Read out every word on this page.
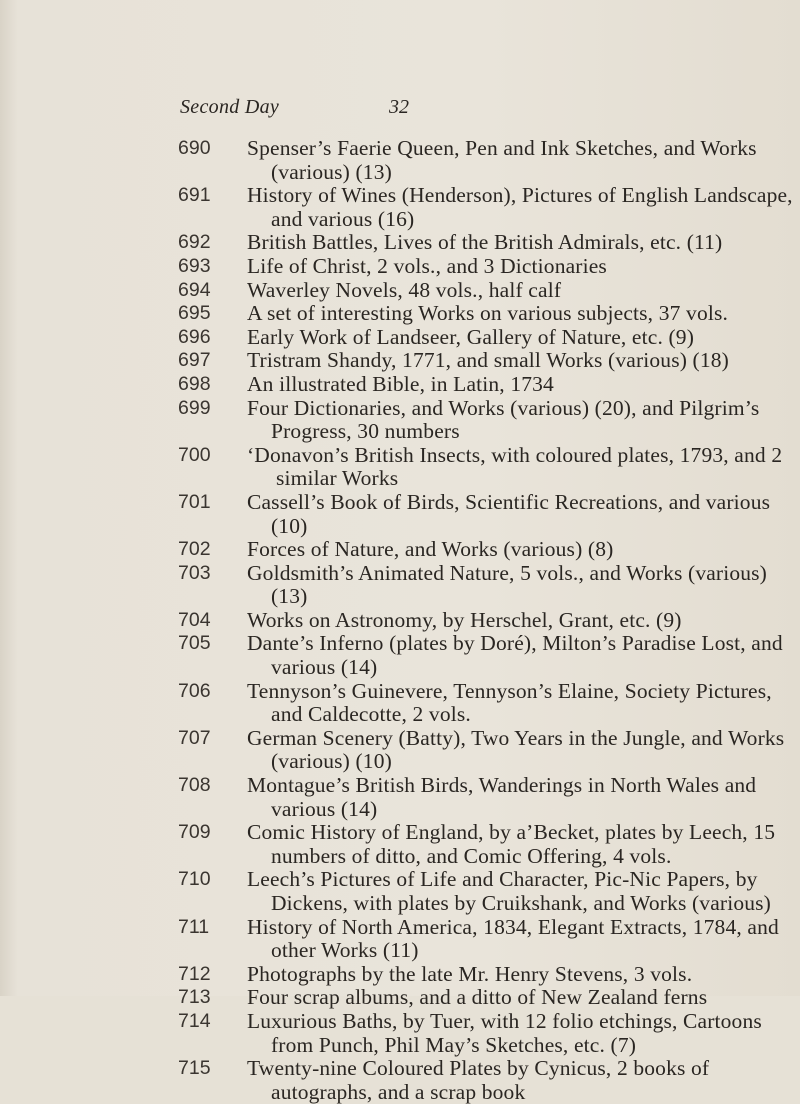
Second Day	32
690	Spenser’s Faerie Queen, Pen and Ink Sketches, and Works (various) (13)
691	History of Wines (Henderson), Pictures of English Landscape, and various (16)
692	British Battles, Lives of the British Admirals, etc. (11)
693	Life of Christ, 2 vols., and 3 Dictionaries
694	Waverley Novels, 48 vols., half calf
695	A set of interesting Works on various subjects, 37 vols.
696	Early Work of Landseer, Gallery of Nature, etc. (9)
697	Tristram Shandy, 1771, and small Works (various) (18)
698	An illustrated Bible, in Latin, 1734
699	Four Dictionaries, and Works (various) (20), and Pilgrim’s Progress, 30 numbers
700	‘Donavon’s British Insects, with coloured plates, 1793, and 2 similar Works
701	Cassell’s Book of Birds, Scientific Recreations, and various (10)
702	Forces of Nature, and Works (various) (8)
703	Goldsmith’s Animated Nature, 5 vols., and Works (various) (13)
704	Works on Astronomy, by Herschel, Grant, etc. (9)
705	Dante’s Inferno (plates by Doré), Milton’s Paradise Lost, and various (14)
706	Tennyson’s Guinevere, Tennyson’s Elaine, Society Pictures, and Caldecotte, 2 vols.
707	German Scenery (Batty), Two Years in the Jungle, and Works (various) (10)
708	Montague’s British Birds, Wanderings in North Wales and various (14)
709	Comic History of England, by a’Becket, plates by Leech, 15 numbers of ditto, and Comic Offering, 4 vols.
710	Leech’s Pictures of Life and Character, Pic-Nic Papers, by Dickens, with plates by Cruikshank, and Works (various)
711	History of North America, 1834, Elegant Extracts, 1784, and other Works (11)
712	Photographs by the late Mr. Henry Stevens, 3 vols.
713	Four scrap albums, and a ditto of New Zealand ferns
714	Luxurious Baths, by Tuer, with 12 folio etchings, Cartoons from Punch, Phil May’s Sketches, etc. (7)
715	Twenty-nine Coloured Plates by Cynicus, 2 books of autographs, and a scrap book
